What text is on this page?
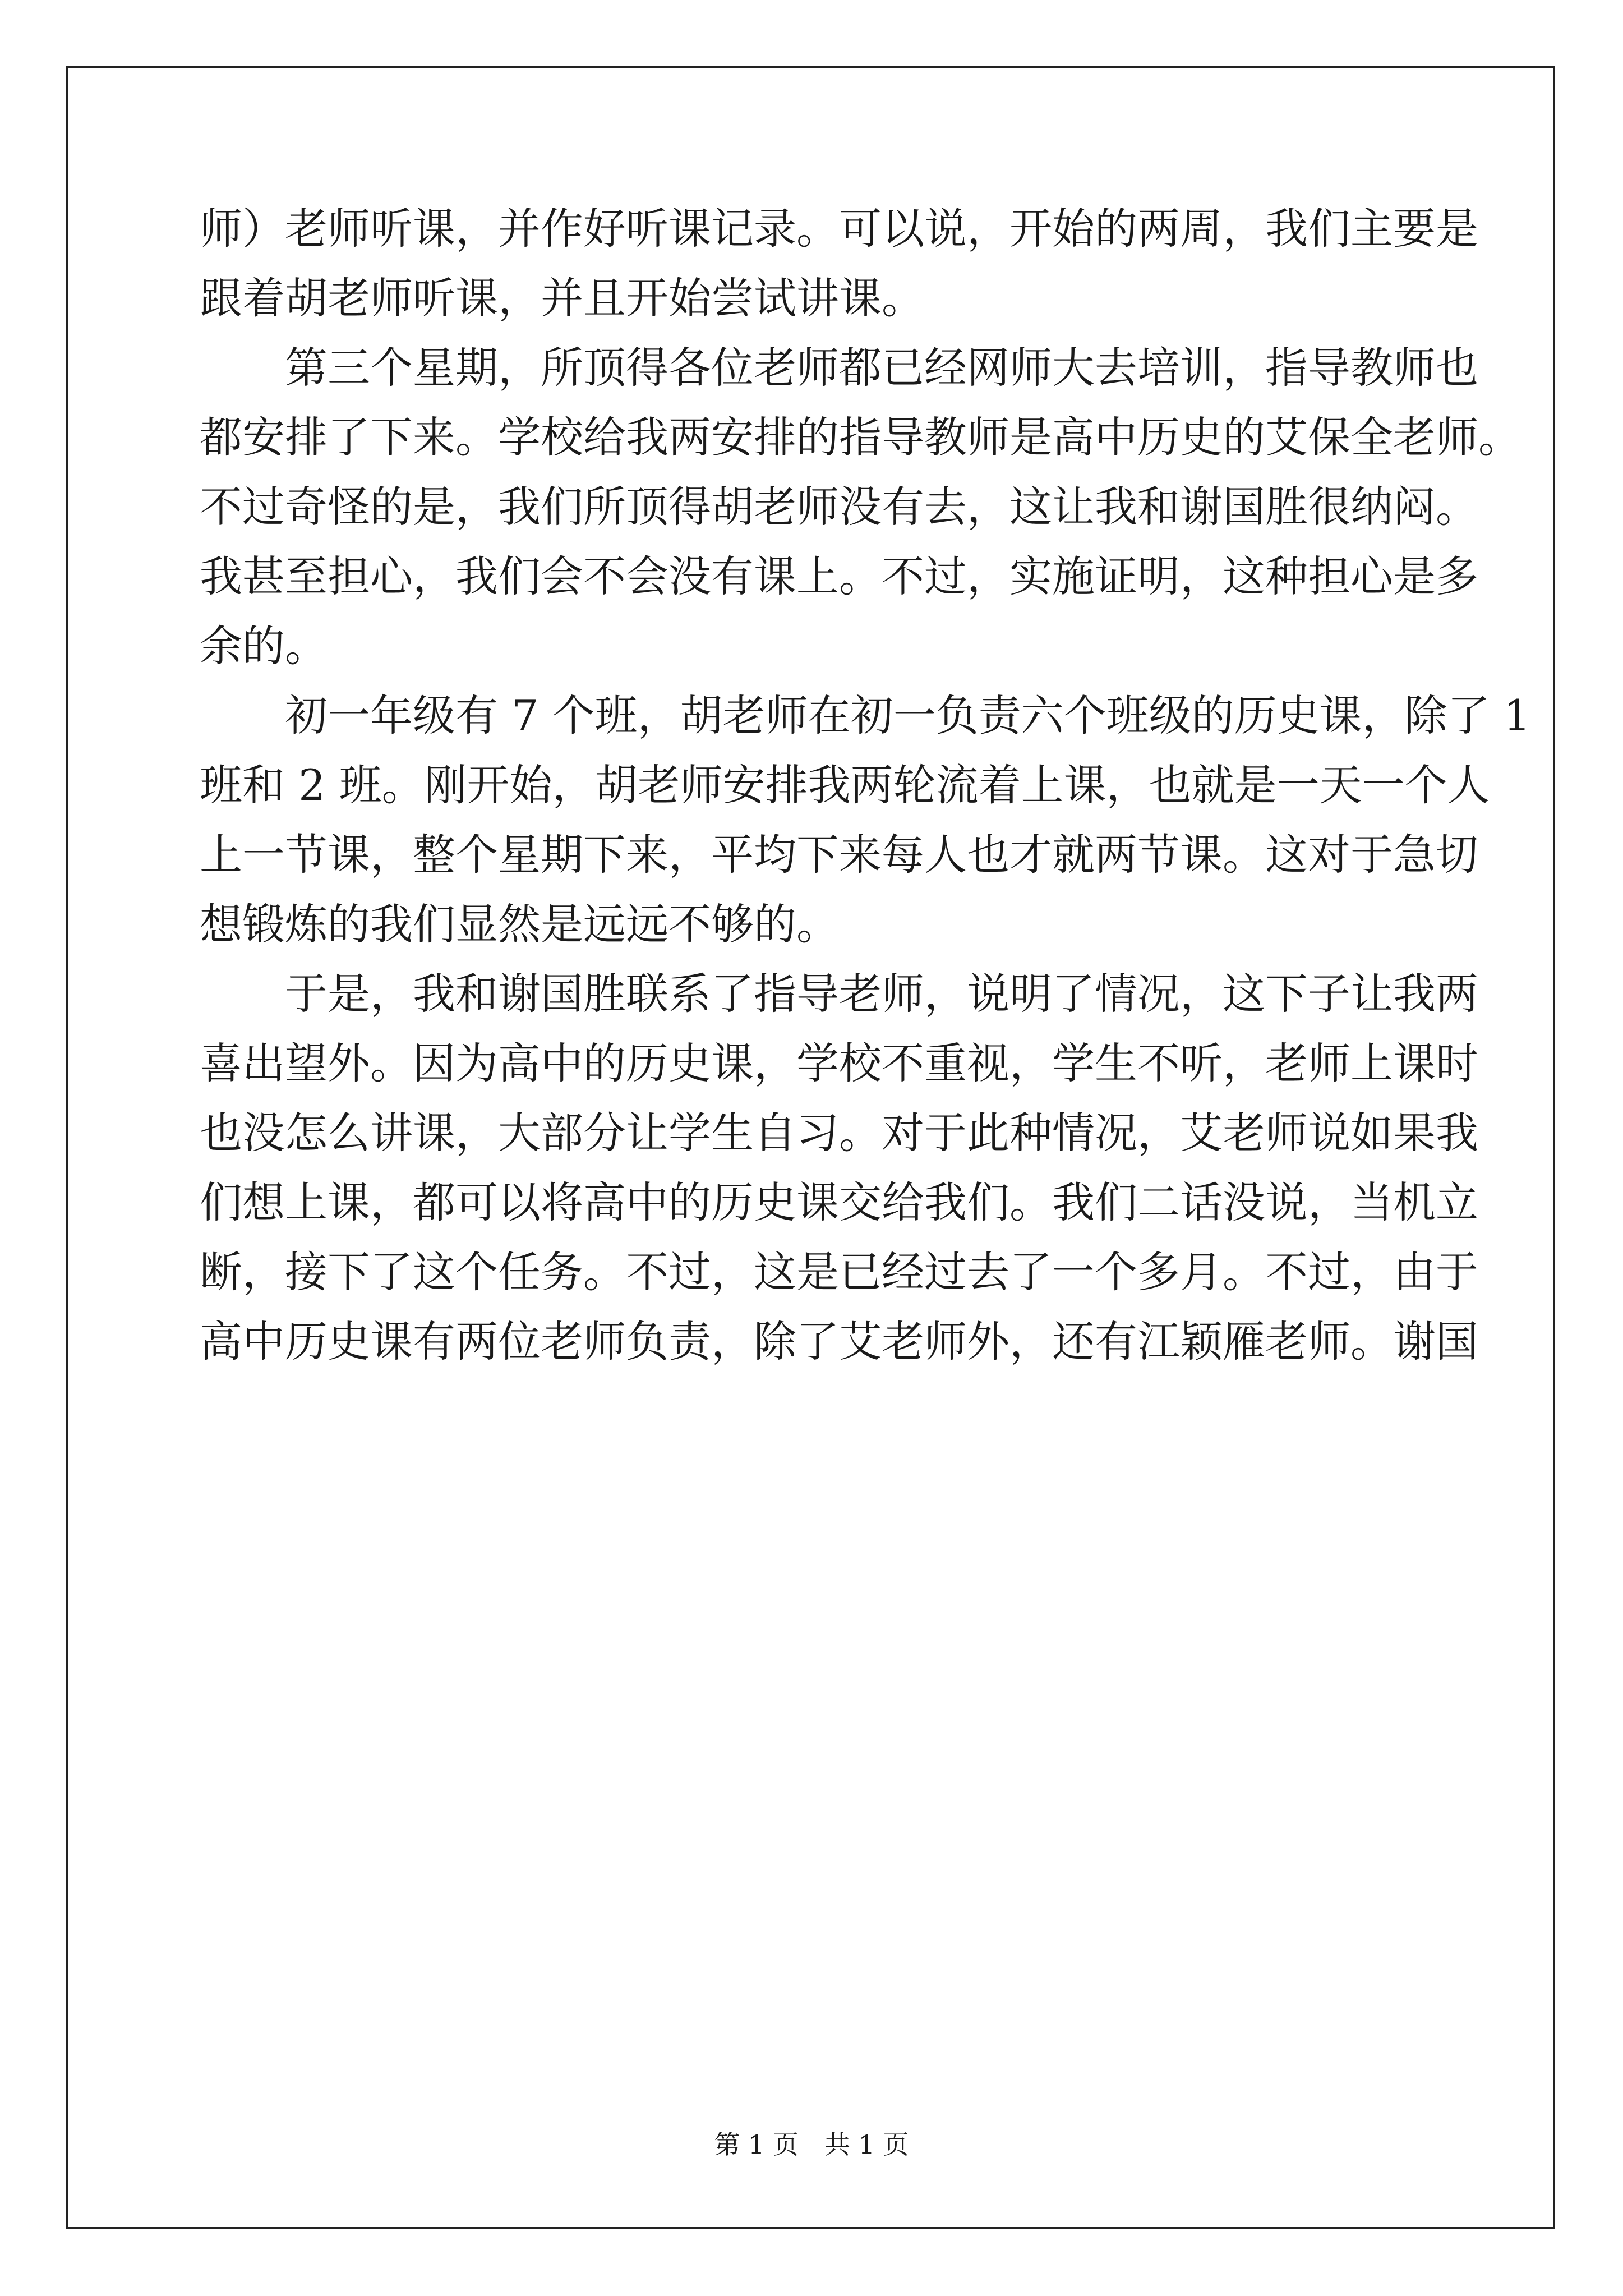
师）老师听课，并作好听课记录。可以说，开始的两周，我们主要是
跟着胡老师听课，并且开始尝试讲课。
　　第三个星期，所顶得各位老师都已经网师大去培训，指导教师也
都安排了下来。学校给我两安排的指导教师是高中历史的艾保全老师。
不过奇怪的是，我们所顶得胡老师没有去，这让我和谢国胜很纳闷。
我甚至担心，我们会不会没有课上。不过，实施证明，这种担心是多
余的。
　　初一年级有 7 个班，胡老师在初一负责六个班级的历史课，除了 1
班和 2 班。刚开始，胡老师安排我两轮流着上课，也就是一天一个人
上一节课，整个星期下来，平均下来每人也才就两节课。这对于急切
想锻炼的我们显然是远远不够的。
　　于是，我和谢国胜联系了指导老师，说明了情况，这下子让我两
喜出望外。因为高中的历史课，学校不重视，学生不听，老师上课时
也没怎么讲课，大部分让学生自习。对于此种情况，艾老师说如果我
们想上课，都可以将高中的历史课交给我们。我们二话没说，当机立
断，接下了这个任务。不过，这是已经过去了一个多月。不过，由于
高中历史课有两位老师负责，除了艾老师外，还有江颖雁老师。谢国
第 1 页　共 1 页
